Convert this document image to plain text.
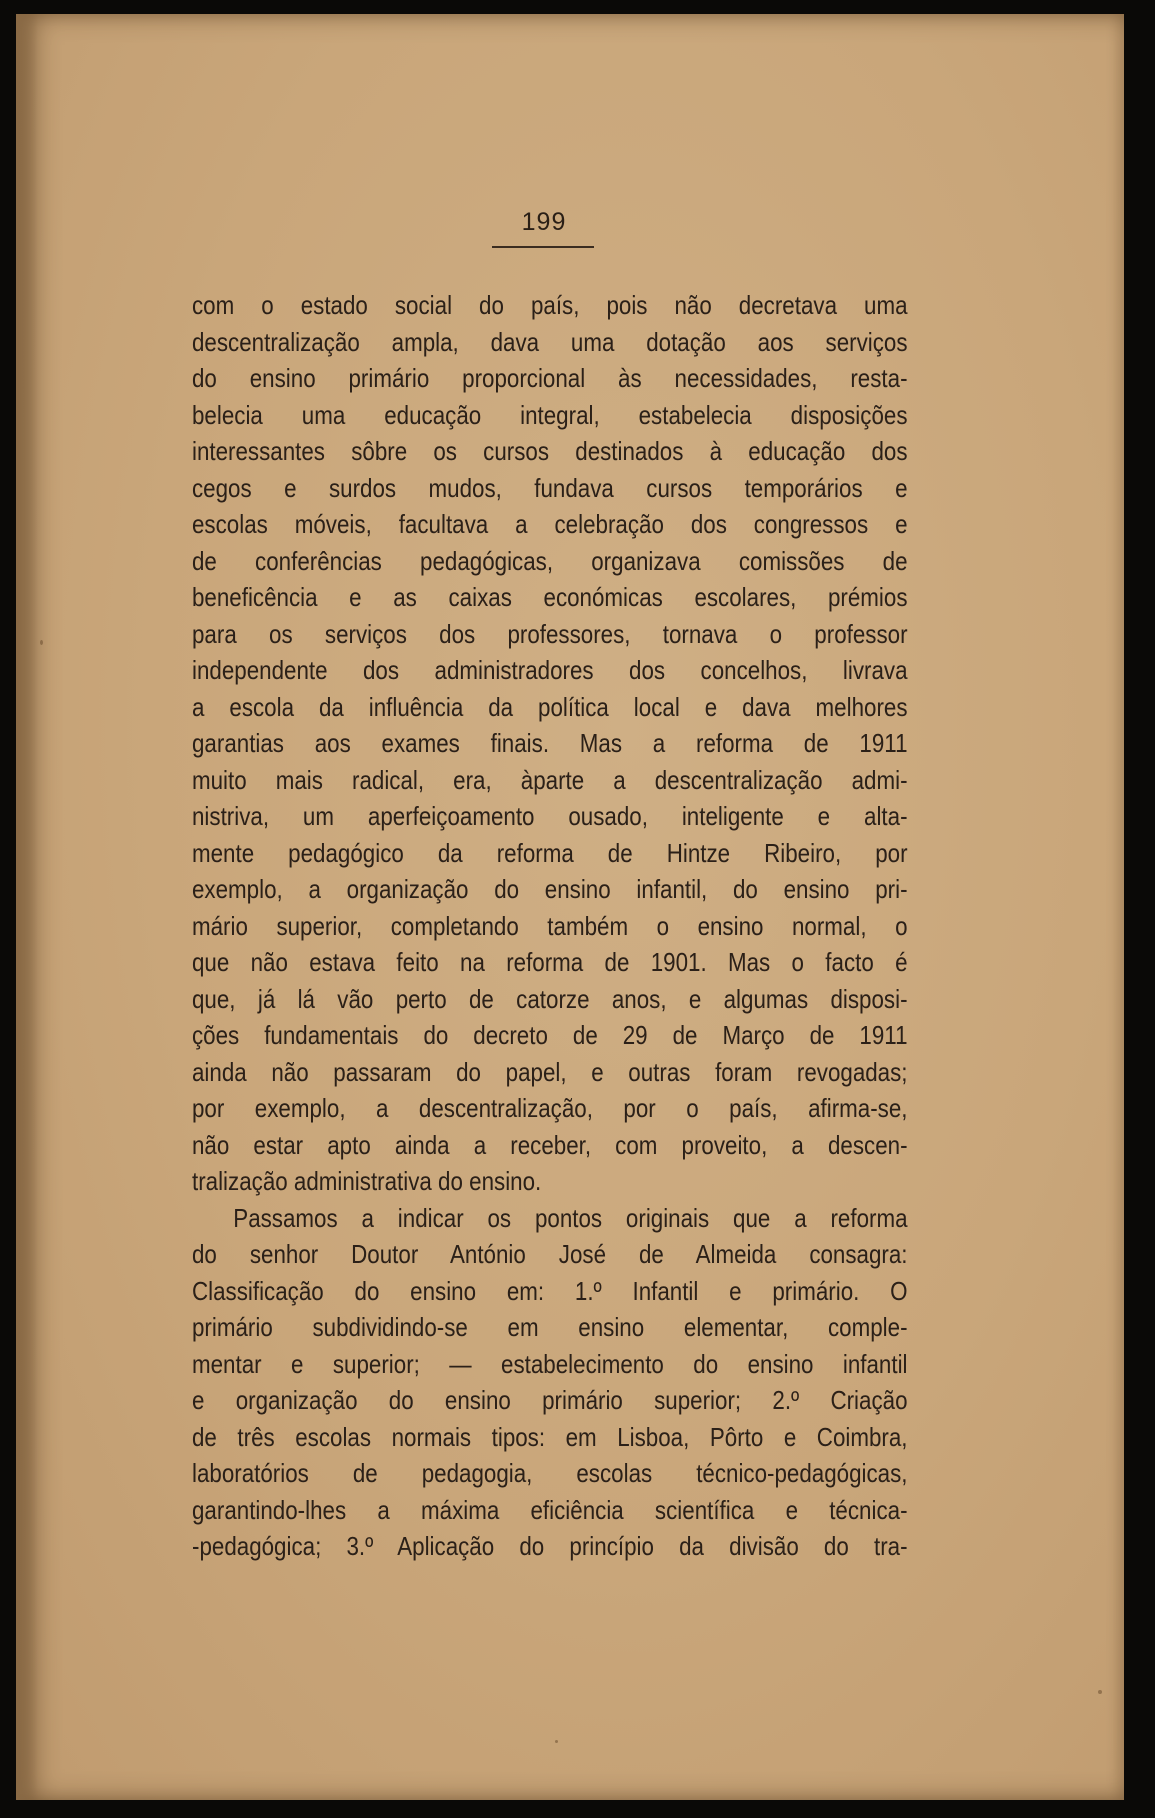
199
com o estado social do país, pois não decretava uma
descentralização ampla, dava uma dotação aos serviços
do ensino primário proporcional às necessidades, resta-
belecia uma educação integral, estabelecia disposições
interessantes sôbre os cursos destinados à educação dos
cegos e surdos mudos, fundava cursos temporários e
escolas móveis, facultava a celebração dos congressos e
de conferências pedagógicas, organizava comissões de
beneficência e as caixas económicas escolares, prémios
para os serviços dos professores, tornava o professor
independente dos administradores dos concelhos, livrava
a escola da influência da política local e dava melhores
garantias aos exames finais. Mas a reforma de 1911
muito mais radical, era, àparte a descentralização admi-
nistriva, um aperfeiçoamento ousado, inteligente e alta-
mente pedagógico da reforma de Hintze Ribeiro, por
exemplo, a organização do ensino infantil, do ensino pri-
mário superior, completando também o ensino normal, o
que não estava feito na reforma de 1901. Mas o facto é
que, já lá vão perto de catorze anos, e algumas disposi-
ções fundamentais do decreto de 29 de Março de 1911
ainda não passaram do papel, e outras foram revogadas;
por exemplo, a descentralização, por o país, afirma-se,
não estar apto ainda a receber, com proveito, a descen-
tralização administrativa do ensino.
Passamos a indicar os pontos originais que a reforma
do senhor Doutor António José de Almeida consagra:
Classificação do ensino em: 1.º Infantil e primário. O
primário subdividindo-se em ensino elementar, comple-
mentar e superior; — estabelecimento do ensino infantil
e organização do ensino primário superior; 2.º Criação
de três escolas normais tipos: em Lisboa, Pôrto e Coimbra,
laboratórios de pedagogia, escolas técnico-pedagógicas,
garantindo-lhes a máxima eficiência scientífica e técnica-
-pedagógica; 3.º Aplicação do princípio da divisão do tra-
